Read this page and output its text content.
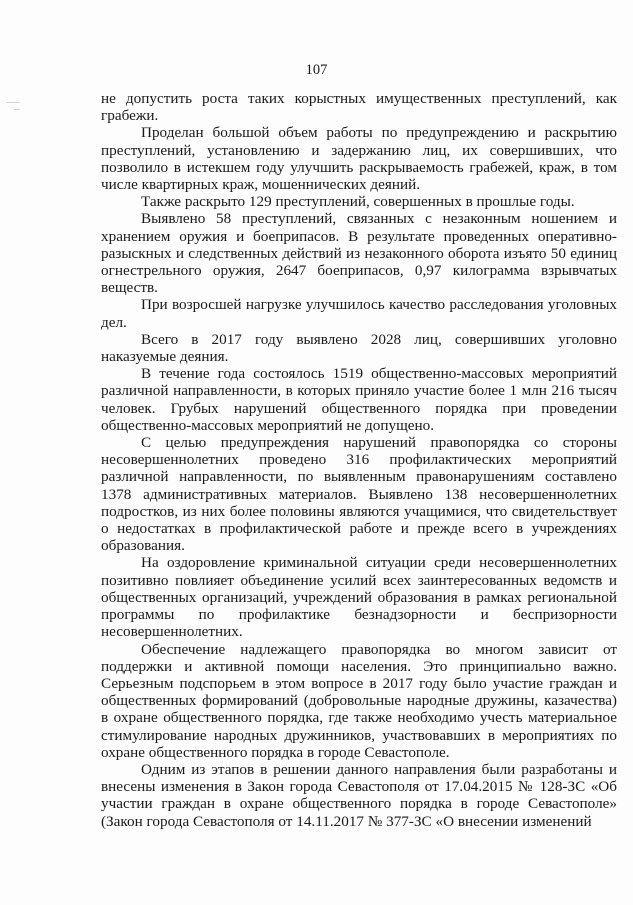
107

не допустить роста таких корыстных имущественных преступлений, как грабежи.

Проделан большой объем работы по предупреждению и раскрытию преступлений, установлению и задержанию лиц, их совершивших, что позволило в истекшем году улучшить раскрываемость грабежей, краж, в том числе квартирных краж, мошеннических деяний.

Также раскрыто 129 преступлений, совершенных в прошлые годы.

Выявлено 58 преступлений, связанных с незаконным ношением и хранением оружия и боеприпасов. В результате проведенных оперативно-разыскных и следственных действий из незаконного оборота изъято 50 единиц огнестрельного оружия, 2647 боеприпасов, 0,97 килограмма взрывчатых веществ.

При возросшей нагрузке улучшилось качество расследования уголовных дел.

Всего в 2017 году выявлено 2028 лиц, совершивших уголовно наказуемые деяния.

В течение года состоялось 1519 общественно-массовых мероприятий различной направленности, в которых приняло участие более 1 млн 216 тысяч человек. Грубых нарушений общественного порядка при проведении общественно-массовых мероприятий не допущено.

С целью предупреждения нарушений правопорядка со стороны несовершеннолетних проведено 316 профилактических мероприятий различной направленности, по выявленным правонарушениям составлено 1378 административных материалов. Выявлено 138 несовершеннолетних подростков, из них более половины являются учащимися, что свидетельствует о недостатках в профилактической работе и прежде всего в учреждениях образования.

На оздоровление криминальной ситуации среди несовершеннолетних позитивно повлияет объединение усилий всех заинтересованных ведомств и общественных организаций, учреждений образования в рамках региональной программы по профилактике безнадзорности и беспризорности несовершеннолетних.

Обеспечение надлежащего правопорядка во многом зависит от поддержки и активной помощи населения. Это принципиально важно. Серьезным подспорьем в этом вопросе в 2017 году было участие граждан и общественных формирований (добровольные народные дружины, казачества) в охране общественного порядка, где также необходимо учесть материальное стимулирование народных дружинников, участвовавших в мероприятиях по охране общественного порядка в городе Севастополе.

Одним из этапов в решении данного направления были разработаны и внесены изменения в Закон города Севастополя от 17.04.2015 № 128-ЗС «Об участии граждан в охране общественного порядка в городе Севастополе» (Закон города Севастополя от 14.11.2017 № 377-ЗС «О внесении изменений
